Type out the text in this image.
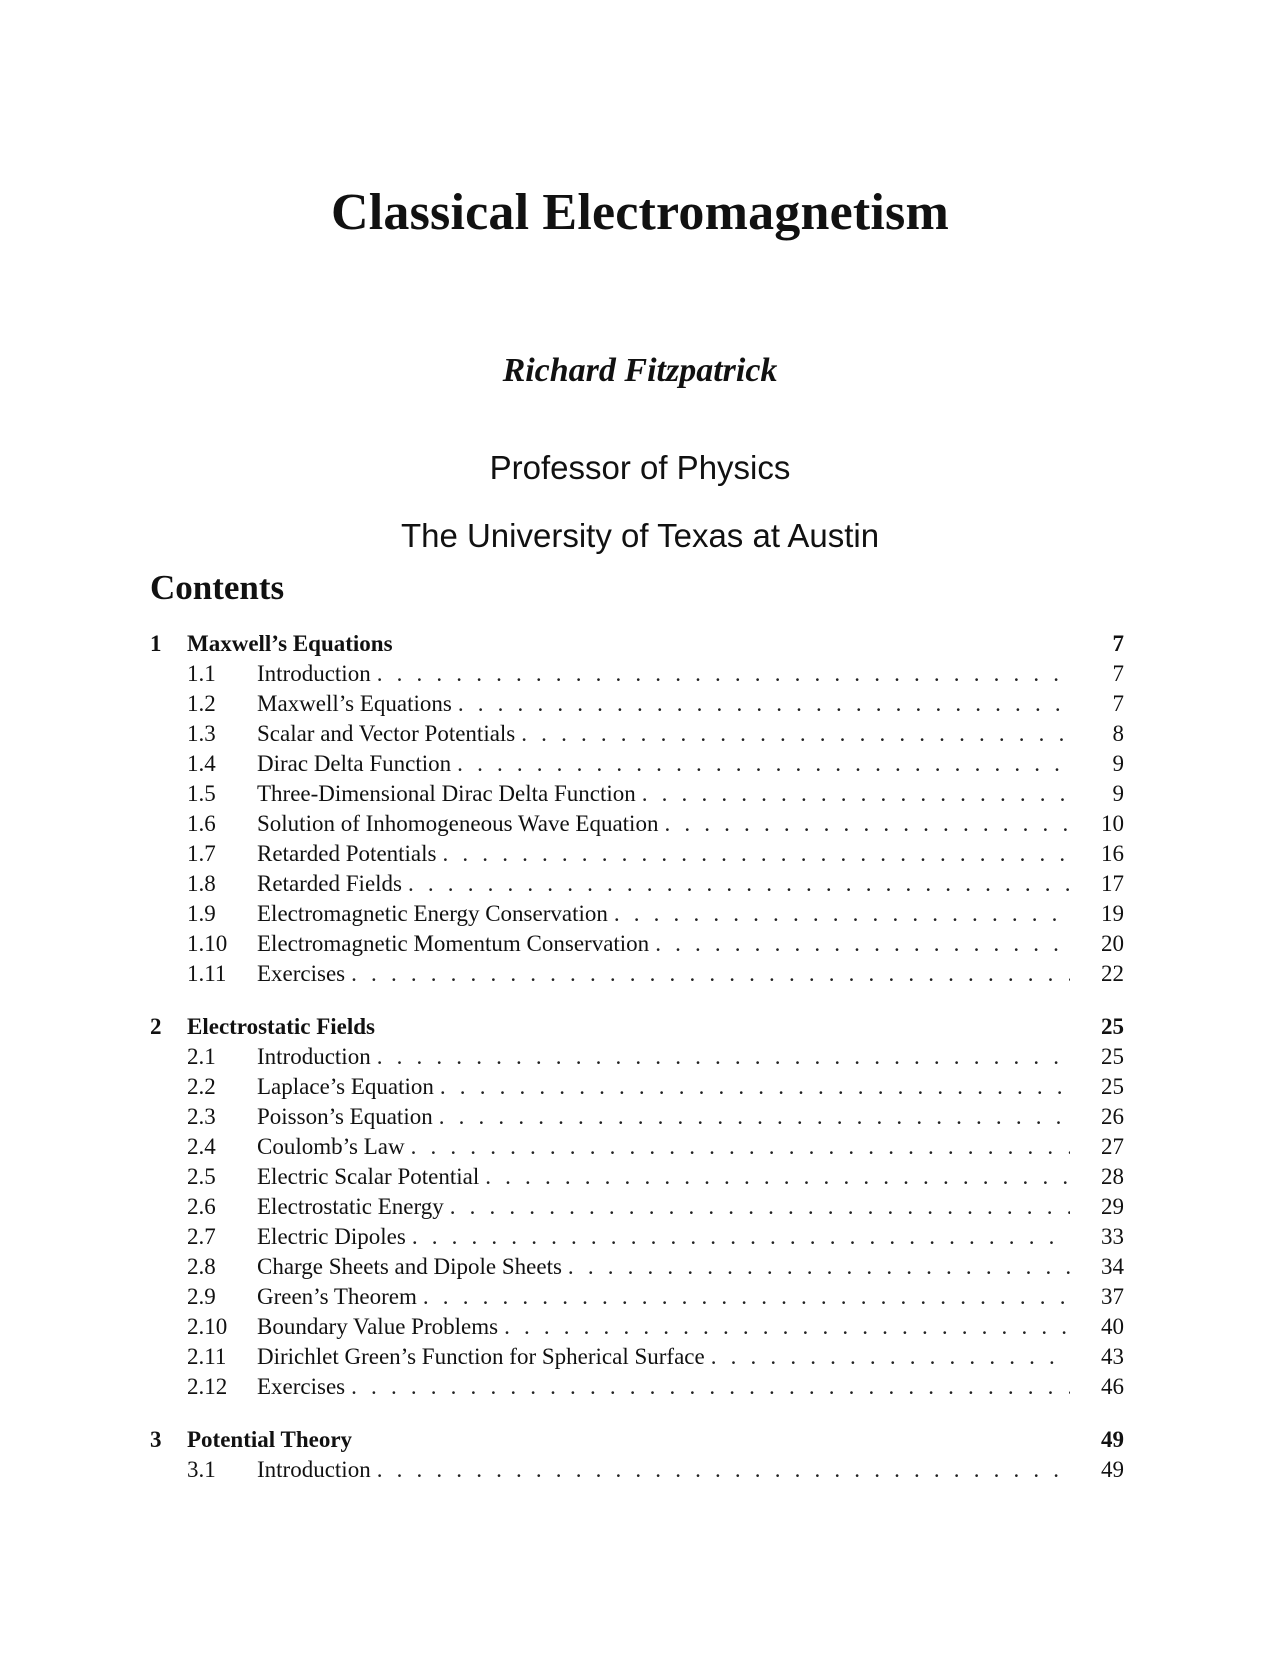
Classical Electromagnetism
Richard Fitzpatrick
Professor of Physics
The University of Texas at Austin
Contents
1	Maxwell’s Equations	7
1.1	Introduction . . .	7
1.2	Maxwell’s Equations . . .	7
1.3	Scalar and Vector Potentials . . .	8
1.4	Dirac Delta Function . . .	9
1.5	Three-Dimensional Dirac Delta Function . . .	9
1.6	Solution of Inhomogeneous Wave Equation . . .	10
1.7	Retarded Potentials . . .	16
1.8	Retarded Fields . . .	17
1.9	Electromagnetic Energy Conservation . . .	19
1.10	Electromagnetic Momentum Conservation . . .	20
1.11	Exercises . . .	22
2	Electrostatic Fields	25
2.1	Introduction . . .	25
2.2	Laplace’s Equation . . .	25
2.3	Poisson’s Equation . . .	26
2.4	Coulomb’s Law . . .	27
2.5	Electric Scalar Potential . . .	28
2.6	Electrostatic Energy . . .	29
2.7	Electric Dipoles . . .	33
2.8	Charge Sheets and Dipole Sheets . . .	34
2.9	Green’s Theorem . . .	37
2.10	Boundary Value Problems . . .	40
2.11	Dirichlet Green’s Function for Spherical Surface . . .	43
2.12	Exercises . . .	46
3	Potential Theory	49
3.1	Introduction . . .	49
